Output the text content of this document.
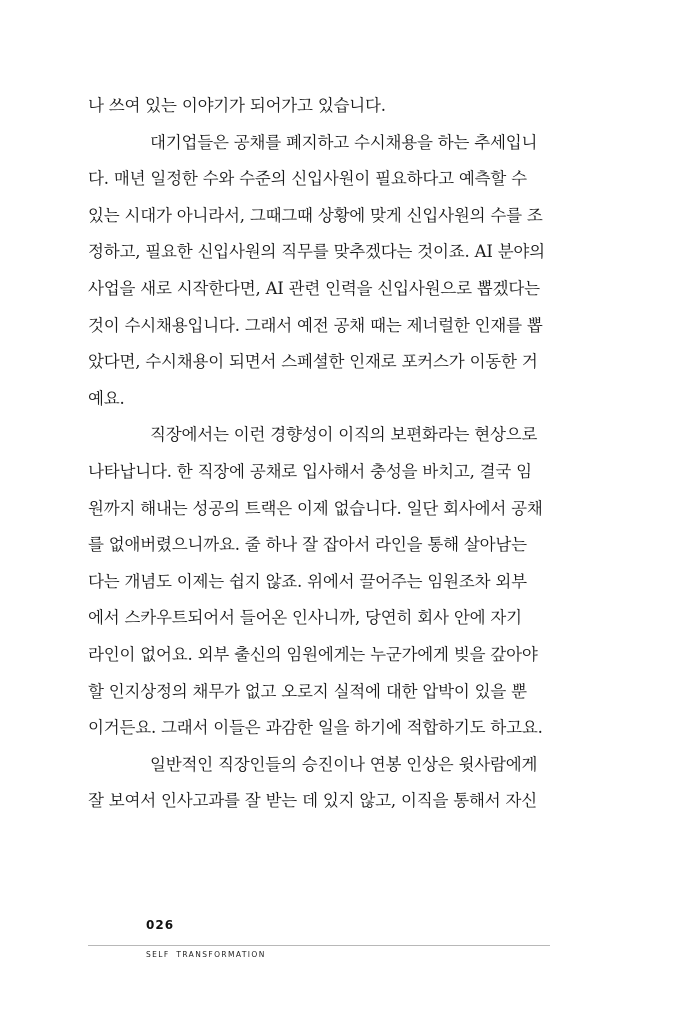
나 쓰여 있는 이야기가 되어가고 있습니다.
대기업들은 공채를 폐지하고 수시채용을 하는 추세입니
다. 매년 일정한 수와 수준의 신입사원이 필요하다고 예측할 수
있는 시대가 아니라서, 그때그때 상황에 맞게 신입사원의 수를 조
정하고, 필요한 신입사원의 직무를 맞추겠다는 것이죠. AI 분야의
사업을 새로 시작한다면, AI 관련 인력을 신입사원으로 뽑겠다는
것이 수시채용입니다. 그래서 예전 공채 때는 제너럴한 인재를 뽑
았다면, 수시채용이 되면서 스페셜한 인재로 포커스가 이동한 거
예요.
직장에서는 이런 경향성이 이직의 보편화라는 현상으로
나타납니다. 한 직장에 공채로 입사해서 충성을 바치고, 결국 임
원까지 해내는 성공의 트랙은 이제 없습니다. 일단 회사에서 공채
를 없애버렸으니까요. 줄 하나 잘 잡아서 라인을 통해 살아남는
다는 개념도 이제는 쉽지 않죠. 위에서 끌어주는 임원조차 외부
에서 스카우트되어서 들어온 인사니까, 당연히 회사 안에 자기
라인이 없어요. 외부 출신의 임원에게는 누군가에게 빚을 갚아야
할 인지상정의 채무가 없고 오로지 실적에 대한 압박이 있을 뿐
이거든요. 그래서 이들은 과감한 일을 하기에 적합하기도 하고요.
일반적인 직장인들의 승진이나 연봉 인상은 윗사람에게
잘 보여서 인사고과를 잘 받는 데 있지 않고, 이직을 통해서 자신
026
SELF TRANSFORMATION
